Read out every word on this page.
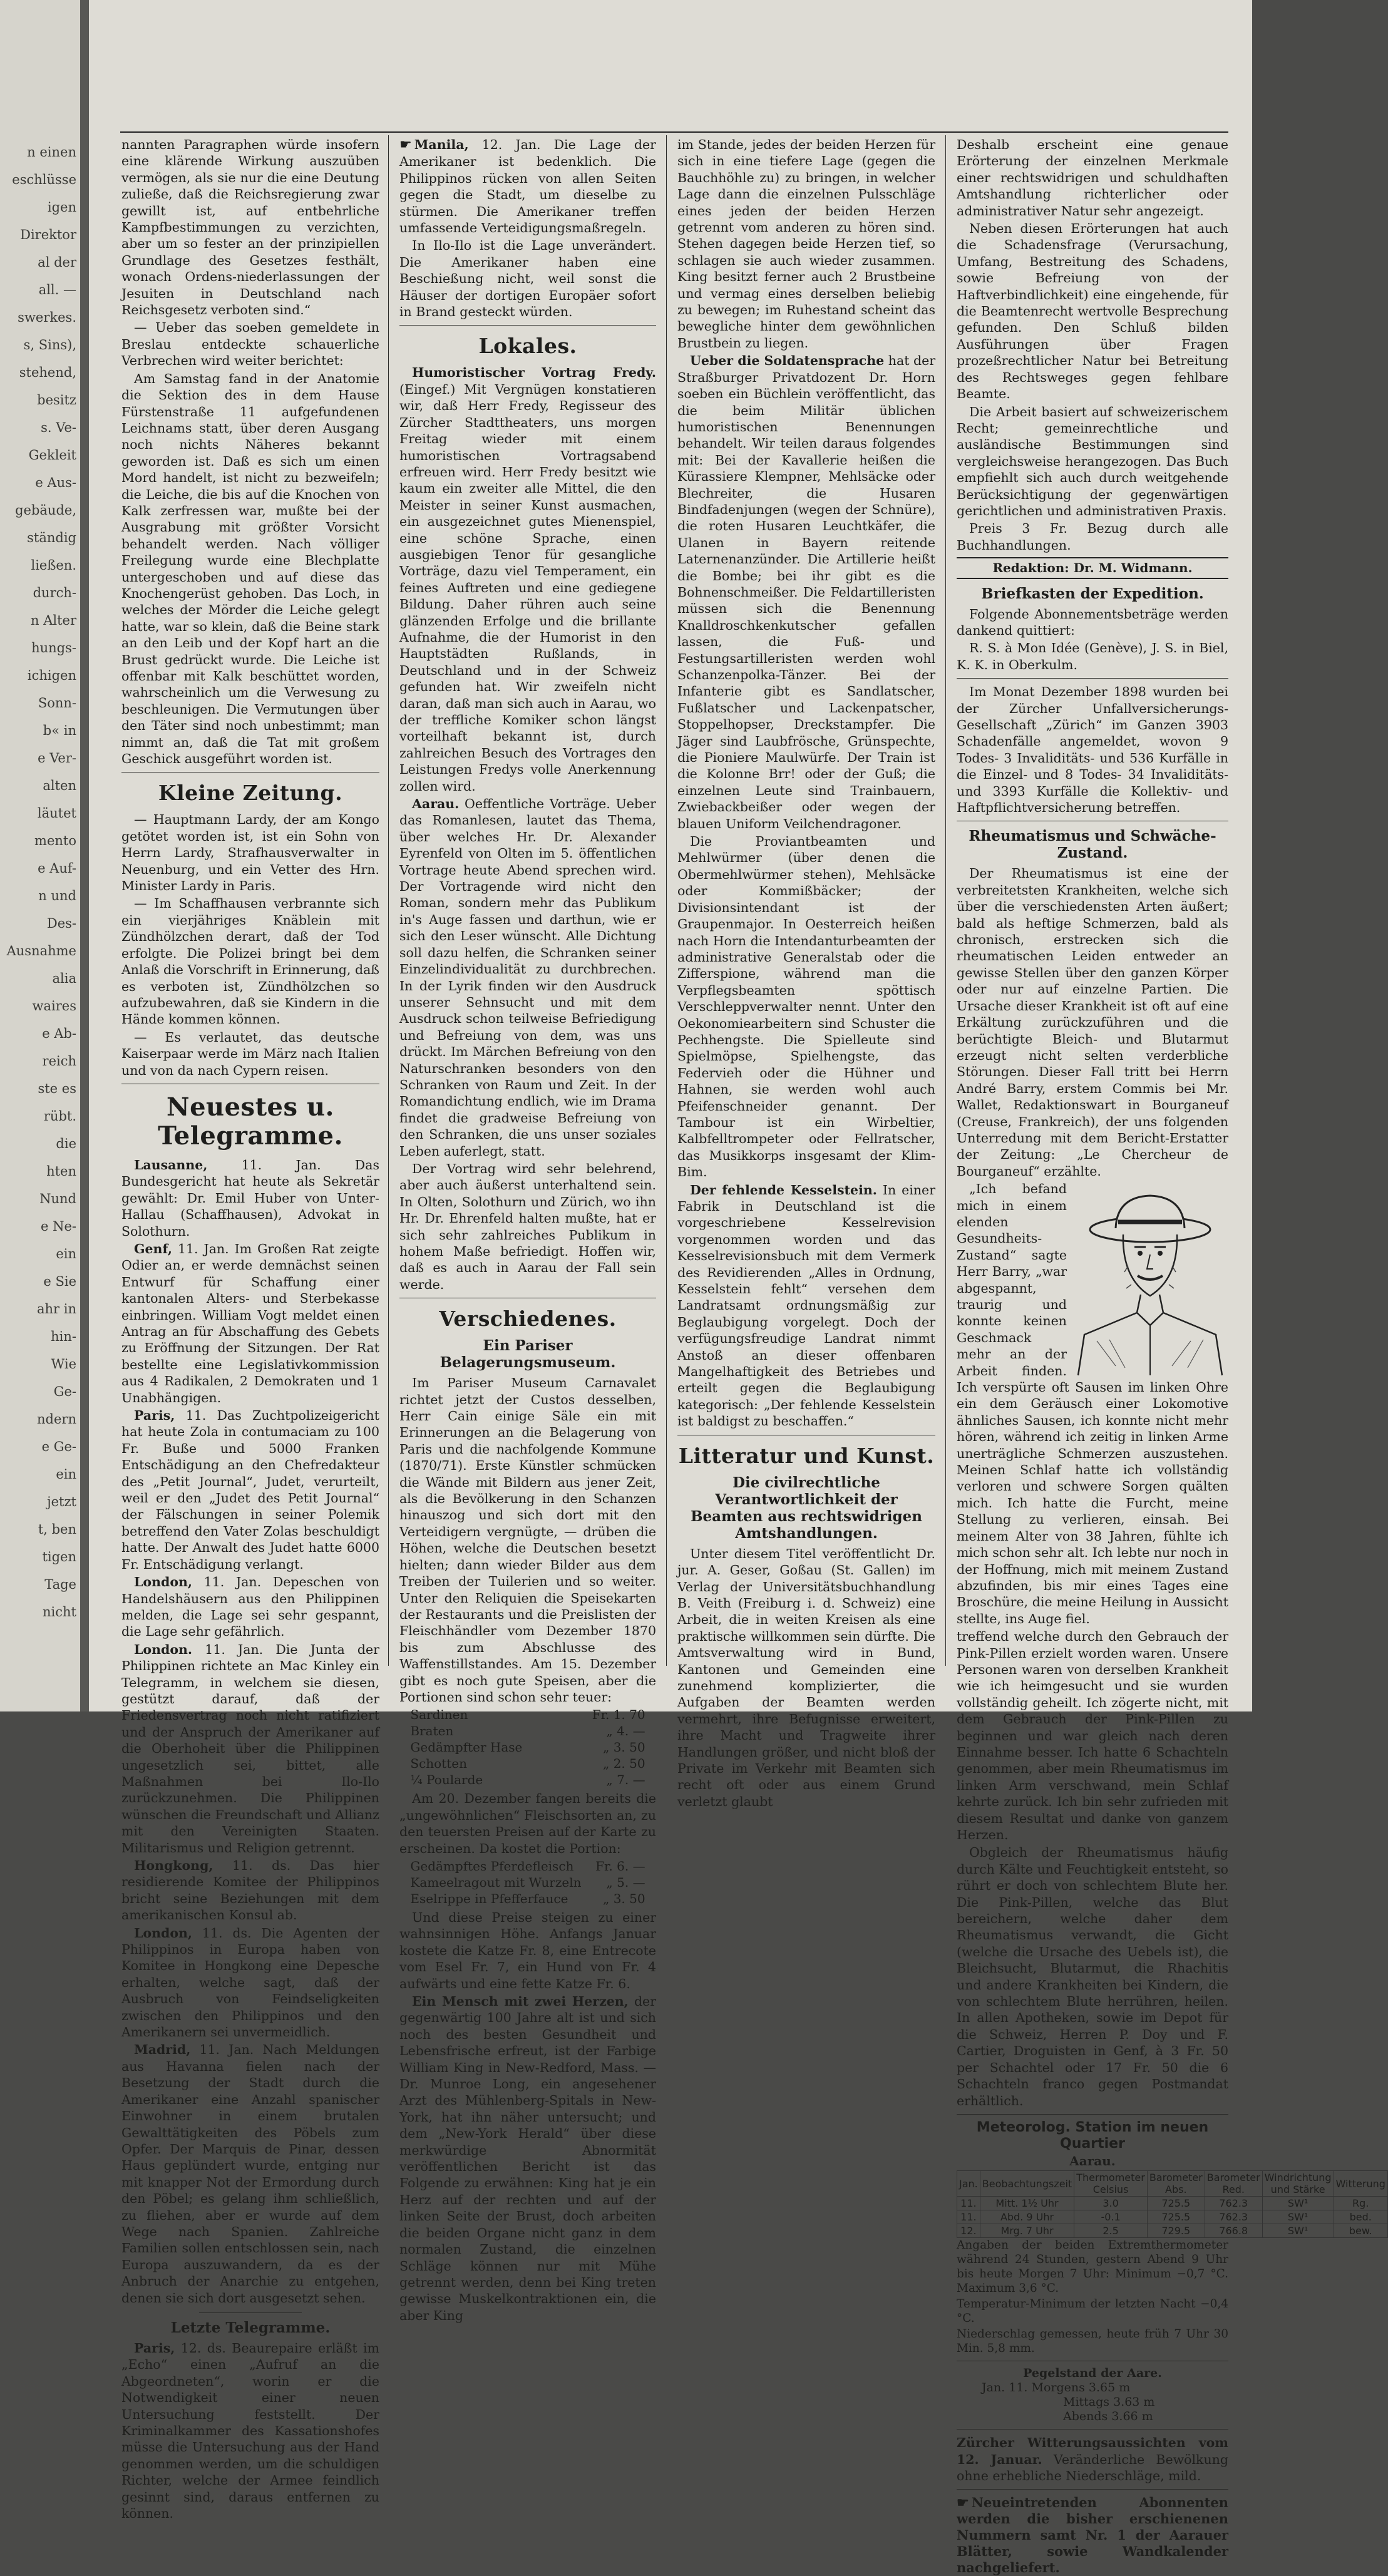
n einen
eschlüsse
igen
Direktor
al der
all. —
swerkes.
s, Sins),
stehend,
besitz
s. Ve-
Gekleit
e Aus-
gebäude,
ständig
ließen.
durch-
n Alter
hungs-
ichigen
Sonn-
b« in
e Ver-
alten
läutet
mento
e Auf-
n und
Des-
Ausnahme
alia
waires
e Ab-
reich
ste es
rübt.
die
hten
Nund
e Ne-
ein
e Sie
ahr in
hin-
Wie
Ge-
ndern
e Ge-
ein
jetzt
t, ben
tigen
Tage
nicht

nannten Paragraphen würde insofern eine klärende Wirkung auszuüben vermögen, als sie nur die eine Deutung zuließe, daß die Reichsregierung zwar gewillt ist, auf entbehrliche Kampfbestimmungen zu verzichten, aber um so fester an der prinzipiellen Grundlage des Gesetzes festhält, wonach Ordens-niederlassungen der Jesuiten in Deutschland nach Reichsgesetz verboten sind.“

— Ueber das soeben gemeldete in Breslau entdeckte schauerliche Verbrechen wird weiter berichtet:

Am Samstag fand in der Anatomie die Sektion des in dem Hause Fürstenstraße 11 aufgefundenen Leichnams statt, über deren Ausgang noch nichts Näheres bekannt geworden ist. Daß es sich um einen Mord handelt, ist nicht zu bezweifeln; die Leiche, die bis auf die Knochen von Kalk zerfressen war, mußte bei der Ausgrabung mit größter Vorsicht behandelt werden. Nach völliger Freilegung wurde eine Blechplatte untergeschoben und auf diese das Knochengerüst gehoben. Das Loch, in welches der Mörder die Leiche gelegt hatte, war so klein, daß die Beine stark an den Leib und der Kopf hart an die Brust gedrückt wurde. Die Leiche ist offenbar mit Kalk beschüttet worden, wahrscheinlich um die Verwesung zu beschleunigen. Die Vermutungen über den Täter sind noch unbestimmt; man nimmt an, daß die Tat mit großem Geschick ausgeführt worden ist.

Kleine Zeitung.

— Hauptmann Lardy, der am Kongo getötet worden ist, ist ein Sohn von Herrn Lardy, Strafhausverwalter in Neuenburg, und ein Vetter des Hrn. Minister Lardy in Paris.

— Im Schaffhausen verbrannte sich ein vierjähriges Knäblein mit Zündhölzchen derart, daß der Tod erfolgte. Die Polizei bringt bei dem Anlaß die Vorschrift in Erinnerung, daß es verboten ist, Zündhölzchen so aufzubewahren, daß sie Kindern in die Hände kommen können.

— Es verlautet, das deutsche Kaiserpaar werde im März nach Italien und von da nach Cypern reisen.

Neuestes u. Telegramme.

Lausanne,	11. Jan. Das Bundesgericht hat heute als Sekretär gewählt: Dr. Emil Huber von Unter-Hallau (Schaffhausen), Advokat in Solothurn.

Genf, 11. Jan. Im Großen Rat zeigte Odier an, er werde demnächst seinen Entwurf für Schaffung einer kantonalen Alters- und Sterbekasse einbringen. William Vogt meldet einen Antrag an für Abschaffung des Gebets zu Eröffnung der Sitzungen. Der Rat bestellte eine Legislativkommission aus 4 Radikalen, 2 Demokraten und 1 Unabhängigen.

Paris, 11. Das Zuchtpolizeigericht hat heute Zola in contumaciam zu 100 Fr. Buße und 5000 Franken Entschädigung an den Chefredakteur des „Petit Journal“, Judet, verurteilt, weil er den „Judet des Petit Journal“ der Fälschungen in seiner Polemik betreffend den Vater Zolas beschuldigt hatte. Der Anwalt des Judet hatte 6000 Fr. Entschädigung verlangt.

London, 11. Jan. Depeschen von Handelshäusern aus den Philippinen melden, die Lage sei sehr gespannt, die Lage sehr gefährlich.

London. 11. Jan. Die Junta der Philippinen richtete an Mac Kinley ein Telegramm, in welchem sie diesen, gestützt darauf, daß der Friedensvertrag noch nicht ratifiziert und der Anspruch der Amerikaner auf die Oberhoheit über die Philippinen ungesetzlich sei, bittet, alle Maßnahmen bei Ilo-Ilo zurückzunehmen. Die Philippinen wünschen die Freundschaft und Allianz mit den Vereinigten Staaten. Militarismus und Religion getrennt.

Hongkong, 11. ds. Das hier residierende Komitee der Philippinos bricht seine Beziehungen mit dem amerikanischen Konsul ab.

London, 11. ds. Die Agenten der Philippinos in Europa haben von Komitee in Hongkong eine Depesche erhalten, welche sagt, daß der Ausbruch von Feindseligkeiten zwischen den Philippinos und den Amerikanern sei unvermeidlich.

Madrid, 11. Jan. Nach Meldungen aus Havanna fielen nach der Besetzung der Stadt durch die Amerikaner eine Anzahl spanischer Einwohner in einem brutalen Gewalttätigkeiten des Pöbels zum Opfer. Der Marquis de Pinar, dessen Haus geplündert wurde, entging nur mit knapper Not der Ermordung durch den Pöbel; es gelang ihm schließlich, zu fliehen, aber er wurde auf dem Wege nach Spanien. Zahlreiche Familien sollen entschlossen sein, nach Europa auszuwandern, da es der Anbruch der Anarchie zu entgehen, denen sie sich dort ausgesetzt sehen.

Letzte Telegramme.

Paris, 12. ds. Beaurepaire erläßt im „Echo“ einen „Aufruf an die Abgeordneten“, worin er die Notwendigkeit einer neuen Untersuchung feststellt. Der Kriminalkammer des Kassationshofes müsse die Untersuchung aus der Hand genommen werden, um die schuldigen Richter, welche der Armee feindlich gesinnt sind, daraus entfernen zu können.

☛ Manila, 12. Jan. Die Lage der Amerikaner ist bedenklich. Die Philippinos rücken von allen Seiten gegen die Stadt, um dieselbe zu stürmen. Die Amerikaner treffen umfassende Verteidigungsmaßregeln.

In Ilo-Ilo ist die Lage unverändert. Die Amerikaner haben eine Beschießung nicht, weil sonst die Häuser der dortigen Europäer sofort in Brand gesteckt würden.

Lokales.

Humoristischer Vortrag Fredy. (Eingef.) Mit Vergnügen konstatieren wir, daß Herr Fredy, Regisseur des Zürcher Stadttheaters, uns morgen Freitag wieder mit einem humoristischen Vortragsabend erfreuen wird. Herr Fredy besitzt wie kaum ein zweiter alle Mittel, die den Meister in seiner Kunst ausmachen, ein ausgezeichnet gutes Mienenspiel, eine schöne Sprache, einen ausgiebigen Tenor für gesangliche Vorträge, dazu viel Temperament, ein feines Auftreten und eine gediegene Bildung. Daher rühren auch seine glänzenden Erfolge und die brillante Aufnahme, die der Humorist in den Hauptstädten Rußlands, in Deutschland und in der Schweiz gefunden hat. Wir zweifeln nicht daran, daß man sich auch in Aarau, wo der treffliche Komiker schon längst vorteilhaft bekannt ist, durch zahlreichen Besuch des Vortrages den Leistungen Fredys volle Anerkennung zollen wird.

Aarau. Oeffentliche Vorträge. Ueber das Romanlesen, lautet das Thema, über welches Hr. Dr. Alexander Eyrenfeld von Olten im 5. öffentlichen Vortrage heute Abend sprechen wird. Der Vortragende wird nicht den Roman, sondern mehr das Publikum in's Auge fassen und darthun, wie er sich den Leser wünscht. Alle Dichtung soll dazu helfen, die Schranken seiner Einzelindividualität zu durchbrechen. In der Lyrik finden wir den Ausdruck unserer Sehnsucht und mit dem Ausdruck schon teilweise Befriedigung und Befreiung von dem, was uns drückt. Im Märchen Befreiung von den Naturschranken besonders von den Schranken von Raum und Zeit. In der Romandichtung endlich, wie im Drama findet die gradweise Befreiung von den Schranken, die uns unser soziales Leben auferlegt, statt.

Der Vortrag wird sehr belehrend, aber auch äußerst unterhaltend sein. In Olten, Solothurn und Zürich, wo ihn Hr. Dr. Ehrenfeld halten mußte, hat er sich sehr zahlreiches Publikum in hohem Maße befriedigt. Hoffen wir, daß es auch in Aarau der Fall sein werde.

Verschiedenes.
Ein Pariser Belagerungsmuseum.

Im Pariser Museum Carnavalet richtet jetzt der Custos desselben, Herr Cain einige Säle ein mit Erinnerungen an die Belagerung von Paris und die nachfolgende Kommune (1870/71). Erste Künstler schmücken die Wände mit Bildern aus jener Zeit, als die Bevölkerung in den Schanzen hinauszog und sich dort mit den Verteidigern vergnügte, — drüben die Höhen, welche die Deutschen besetzt hielten; dann wieder Bilder aus dem Treiben der Tuilerien und so weiter. Unter den Reliquien die Speisekarten der Restaurants und die Preislisten der Fleischhändler vom Dezember 1870 bis zum Abschlusse des Waffenstillstandes. Am 15. Dezember gibt es noch gute Speisen, aber die Portionen sind schon sehr teuer:

Sardinen	Fr. 1. 70
Braten	„ 4. —
Gedämpfter Hase	„ 3. 50
Schotten	„ 2. 50
¼ Poularde	„ 7. —

Am 20. Dezember fangen bereits die „ungewöhnlichen“ Fleischsorten an, zu den teuersten Preisen auf der Karte zu erscheinen. Da kostet die Portion:

Gedämpftes Pferdefleisch	Fr. 6. —
Kameelragout mit Wurzeln	„ 5. —
Eselrippe in Pfefferfauce	„ 3. 50

Und diese Preise steigen zu einer wahnsinnigen Höhe. Anfangs Januar kostete die Katze Fr. 8, eine Entrecote vom Esel Fr. 7, ein Hund von Fr. 4 aufwärts und eine fette Katze Fr. 6.

Ein Mensch mit zwei Herzen, der gegenwärtig 100 Jahre alt ist und sich noch des besten Gesundheit und Lebensfrische erfreut, ist der Farbige William King in New-Redford, Mass. — Dr. Munroe Long, ein angesehener Arzt des Mühlenberg-Spitals in New-York, hat ihn näher untersucht; und dem „New-York Herald“ über diese merkwürdige Abnormität veröffentlichen Bericht ist das Folgende zu erwähnen: King hat je ein Herz auf der rechten und auf der linken Seite der Brust, doch arbeiten die beiden Organe nicht ganz in dem normalen Zustand, die einzelnen Schläge können nur mit Mühe getrennt werden, denn bei King treten gewisse Muskelkontraktionen ein, die aber King

im Stande, jedes der beiden Herzen für sich in eine tiefere Lage (gegen die Bauchhöhle zu) zu bringen, in welcher Lage dann die einzelnen Pulsschläge eines jeden der beiden Herzen getrennt vom anderen zu hören sind. Stehen dagegen beide Herzen tief, so schlagen sie auch wieder zusammen. King besitzt ferner auch 2 Brustbeine und vermag eines derselben beliebig zu bewegen; im Ruhestand scheint das bewegliche hinter dem gewöhnlichen Brustbein zu liegen.

Ueber die Soldatensprache hat der Straßburger Privatdozent Dr. Horn soeben ein Büchlein veröffentlicht, das die beim Militär üblichen humoristischen Benennungen behandelt. Wir teilen daraus folgendes mit: Bei der Kavallerie heißen die Kürassiere Klempner, Mehlsäcke oder Blechreiter, die Husaren Bindfadenjungen (wegen der Schnüre), die roten Husaren Leuchtkäfer, die Ulanen in Bayern reitende Laternenanzünder. Die Artillerie heißt die Bombe; bei ihr gibt es die Bohnenschmeißer. Die Feldartilleristen müssen sich die Benennung Knalldroschkenkutscher gefallen lassen, die Fuß- und Festungsartilleristen werden wohl Schanzenpolka-Tänzer. Bei der Infanterie gibt es Sandlatscher, Fußlatscher und Lackenpatscher, Stoppelhopser, Dreckstampfer. Die Jäger sind Laubfrösche, Grünspechte, die Pioniere Maulwürfe. Der Train ist die Kolonne Brr! oder der Guß; die einzelnen Leute sind Trainbauern, Zwiebackbeißer oder wegen der blauen Uniform Veilchendragoner.

Die Proviantbeamten und Mehlwürmer (über denen die Obermehlwürmer stehen), Mehlsäcke oder Kommißbäcker; der Divisionsintendant ist der Graupenmajor. In Oesterreich heißen nach Horn die Intendanturbeamten der administrative Generalstab oder die Zifferspione, während man die Verpflegsbeamten spöttisch Verschleppverwalter nennt. Unter den Oekonomiearbeitern sind Schuster die Pechhengste. Die Spielleute sind Spielmöpse, Spielhengste, das Federvieh oder die Hühner und Hahnen, sie werden wohl auch Pfeifenschneider genannt. Der Tambour ist ein Wirbeltier, Kalbfelltrompeter oder Fellratscher, das Musikkorps insgesamt der Klim-Bim.

Der fehlende Kesselstein. In einer Fabrik in Deutschland ist die vorgeschriebene Kesselrevision vorgenommen worden und das Kesselrevisionsbuch mit dem Vermerk des Revidierenden „Alles in Ordnung, Kesselstein fehlt“ versehen dem Landratsamt ordnungsmäßig zur Beglaubigung vorgelegt. Doch der verfügungsfreudige Landrat nimmt Anstoß an dieser offenbaren Mangelhaftigkeit des Betriebes und erteilt gegen die Beglaubigung kategorisch: „Der fehlende Kesselstein ist baldigst zu beschaffen.“

Litteratur und Kunst.
Die civilrechtliche Verantwortlichkeit der Beamten aus rechtswidrigen Amtshandlungen.

Unter diesem Titel veröffentlicht Dr. jur. A. Geser, Goßau (St. Gallen) im Verlag der Universitätsbuchhandlung B. Veith (Freiburg i. d. Schweiz) eine Arbeit, die in weiten Kreisen als eine praktische willkommen sein dürfte. Die Amtsverwaltung wird in Bund, Kantonen und Gemeinden eine zunehmend komplizierter, die Aufgaben der Beamten werden vermehrt, ihre Befugnisse erweitert, ihre Macht und Tragweite ihrer Handlungen größer, und nicht bloß der Private im Verkehr mit Beamten sich recht oft oder aus einem Grund verletzt glaubt

Deshalb erscheint eine genaue Erörterung der einzelnen Merkmale einer rechtswidrigen und schuldhaften Amtshandlung richterlicher oder administrativer Natur sehr angezeigt.

Neben diesen Erörterungen hat auch die Schadensfrage (Verursachung, Umfang, Bestreitung des Schadens, sowie Befreiung von der Haftverbindlichkeit) eine eingehende, für die Beamtenrecht wertvolle Besprechung gefunden. Den Schluß bilden Ausführungen über Fragen prozeßrechtlicher Natur bei Betreitung des Rechtsweges gegen fehlbare Beamte.

Die Arbeit basiert auf schweizerischem Recht; gemeinrechtliche und ausländische Bestimmungen sind vergleichsweise herangezogen. Das Buch empfiehlt sich auch durch weitgehende Berücksichtigung der gegenwärtigen gerichtlichen und administrativen Praxis.

Preis 3 Fr. Bezug durch alle Buchhandlungen.

Redaktion: Dr. M. Widmann.
Briefkasten der Expedition.

Folgende Abonnementsbeträge werden dankend quittiert:

R. S. à Mon Idée (Genève), J. S. in Biel, K. K. in Oberkulm.

Im Monat Dezember 1898 wurden bei der Zürcher Unfallversicherungs-Gesellschaft „Zürich“ im Ganzen 3903 Schadenfälle angemeldet, wovon 9 Todes- 3 Invaliditäts- und 536 Kurfälle in die Einzel- und 8 Todes- 34 Invaliditäts- und 3393 Kurfälle die Kollektiv- und Haftpflichtversicherung betreffen.

Rheumatismus und Schwäche-Zustand.

Der Rheumatismus ist eine der verbreitetsten Krankheiten, welche sich über die verschiedensten Arten äußert; bald als heftige Schmerzen, bald als chronisch, erstrecken sich die rheumatischen Leiden entweder an gewisse Stellen über den ganzen Körper oder nur auf einzelne Partien. Die Ursache dieser Krankheit ist oft auf eine Erkältung zurückzuführen und die berüchtigte Bleich- und Blutarmut erzeugt nicht selten verderbliche Störungen. Dieser Fall tritt bei Herrn André Barry, erstem Commis bei Mr. Wallet, Redaktionswart in Bourganeuf (Creuse, Frankreich), der uns folgenden Unterredung mit dem Bericht-Erstatter der Zeitung: „Le Chercheur de Bourganeuf“ erzählte.

„Ich befand mich in einem elenden Gesundheits-Zustand“ sagte Herr Barry, „war abgespannt, traurig und konnte keinen Geschmack mehr an der Arbeit finden. Ich verspürte oft Sausen im linken Ohre ein dem Geräusch einer Lokomotive ähnliches Sausen, ich konnte nicht mehr hören, während ich zeitig in linken Arme unerträgliche Schmerzen auszustehen. Meinen Schlaf hatte ich vollständig verloren und schwere Sorgen quälten mich. Ich hatte die Furcht, meine Stellung zu verlieren, einsah. Bei meinem Alter von 38 Jahren, fühlte ich mich schon sehr alt. Ich lebte nur noch in der Hoffnung, mich mit meinem Zustand abzufinden, bis mir eines Tages eine Broschüre, die meine Heilung in Aussicht stellte, ins Auge fiel.

treffend welche durch den Gebrauch der Pink-Pillen erzielt worden waren. Unsere Personen waren von derselben Krankheit wie ich heimgesucht und sie wurden vollständig geheilt. Ich zögerte nicht, mit dem Gebrauch der Pink-Pillen zu beginnen und war gleich nach deren Einnahme besser. Ich hatte 6 Schachteln genommen, aber mein Rheumatismus im linken Arm verschwand, mein Schlaf kehrte zurück. Ich bin sehr zufrieden mit diesem Resultat und danke von ganzem Herzen.

Obgleich der Rheumatismus häufig durch Kälte und Feuchtigkeit entsteht, so rührt er doch von schlechtem Blute her. Die Pink-Pillen, welche das Blut bereichern, welche daher dem Rheumatismus verwandt, die Gicht (welche die Ursache des Uebels ist), die Bleichsucht, Blutarmut, die Rhachitis und andere Krankheiten bei Kindern, die von schlechtem Blute herrühren, heilen. In allen Apotheken, sowie im Depot für die Schweiz, Herren P. Doy und F. Cartier, Droguisten in Genf, à 3 Fr. 50 per Schachtel oder 17 Fr. 50 die 6 Schachteln franco gegen Postmandat erhältlich.

Meteorolog. Station im neuen Quartier
Aarau.
Jan.	Beobachtungszeit	Thermometer Celsius	Barometer Abs.	Barometer Red.	Windrichtung und Stärke	Witterung
11.	Mitt. 1½ Uhr	3.0	725.5	762.3	SW¹	Rg.
11.	Abd. 9 Uhr	-0.1	725.5	762.3	SW¹	bed.
12.	Mrg. 7 Uhr	2.5	729.5	766.8	SW¹	bew.

Angaben der beiden Extremthermometer während 24 Stunden, gestern Abend 9 Uhr bis heute Morgen 7 Uhr: Minimum −0,7 °C. Maximum 3,6 °C.

Temperatur-Minimum der letzten Nacht −0,4 °C.

Niederschlag gemessen, heute früh 7 Uhr 30 Min. 5,8 mm.

Pegelstand der Aare.
Jan. 11. Morgens 3.65 m
Mittags 3.63 m
Abends 3.66 m

Zürcher Witterungsaussichten vom 12. Januar. Veränderliche Bewölkung ohne erhebliche Niederschläge, mild.

☛ Neueintretenden Abonnenten werden die bisher erschienenen Nummern samt Nr. 1 der Aarauer Blätter, sowie Wandkalender nachgeliefert.
